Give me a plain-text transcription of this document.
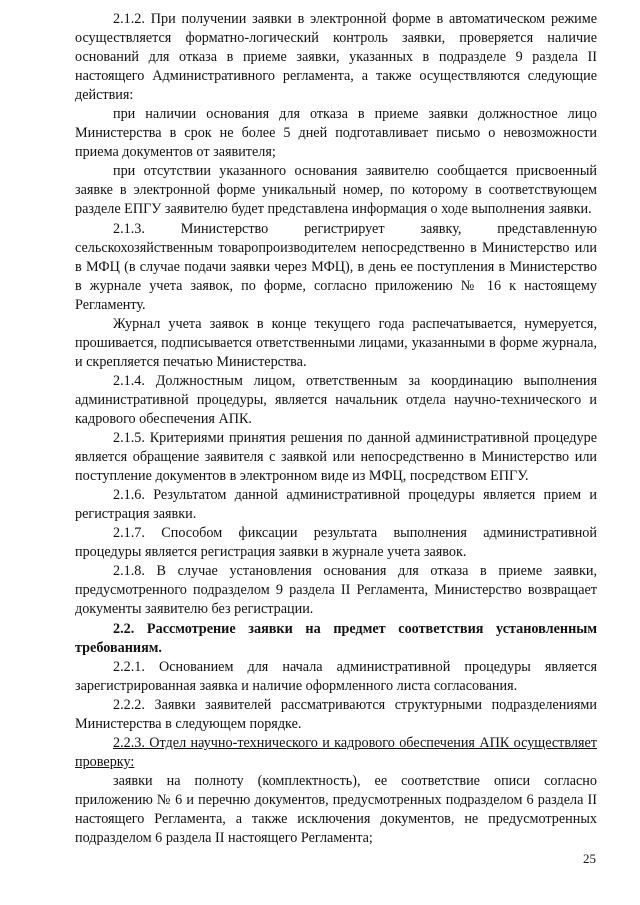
2.1.2. При получении заявки в электронной форме в автоматическом режиме осуществляется форматно-логический контроль заявки, проверяется наличие оснований для отказа в приеме заявки, указанных в подразделе 9 раздела II настоящего Административного регламента, а также осуществляются следующие действия:

при наличии основания для отказа в приеме заявки должностное лицо Министерства в срок не более 5 дней подготавливает письмо о невозможности приема документов от заявителя;

при отсутствии указанного основания заявителю сообщается присвоенный заявке в электронной форме уникальный номер, по которому в соответствующем разделе ЕПГУ заявителю будет представлена информация о ходе выполнения заявки.

2.1.3. Министерство регистрирует заявку, представленную сельскохозяйственным товаропроизводителем непосредственно в Министерство или в МФЦ (в случае подачи заявки через МФЦ), в день ее поступления в Министерство в журнале учета заявок, по форме, согласно приложению № 16 к настоящему Регламенту.

Журнал учета заявок в конце текущего года распечатывается, нумеруется, прошивается, подписывается ответственными лицами, указанными в форме журнала, и скрепляется печатью Министерства.

2.1.4. Должностным лицом, ответственным за координацию выполнения административной процедуры, является начальник отдела научно-технического и кадрового обеспечения АПК.

2.1.5. Критериями принятия решения по данной административной процедуре является обращение заявителя с заявкой или непосредственно в Министерство или поступление документов в электронном виде из МФЦ, посредством ЕПГУ.

2.1.6. Результатом данной административной процедуры является прием и регистрация заявки.

2.1.7. Способом фиксации результата выполнения административной процедуры является регистрация заявки в журнале учета заявок.

2.1.8. В случае установления основания для отказа в приеме заявки, предусмотренного подразделом 9 раздела II Регламента, Министерство возвращает документы заявителю без регистрации.

2.2. Рассмотрение заявки на предмет соответствия установленным требованиям.

2.2.1. Основанием для начала административной процедуры является зарегистрированная заявка и наличие оформленного листа согласования.

2.2.2. Заявки заявителей рассматриваются структурными подразделениями Министерства в следующем порядке.

2.2.3. Отдел научно-технического и кадрового обеспечения АПК осуществляет проверку:

заявки на полноту (комплектность), ее соответствие описи согласно приложению № 6 и перечню документов, предусмотренных подразделом 6 раздела II настоящего Регламента, а также исключения документов, не предусмотренных подразделом 6 раздела II настоящего Регламента;

25
